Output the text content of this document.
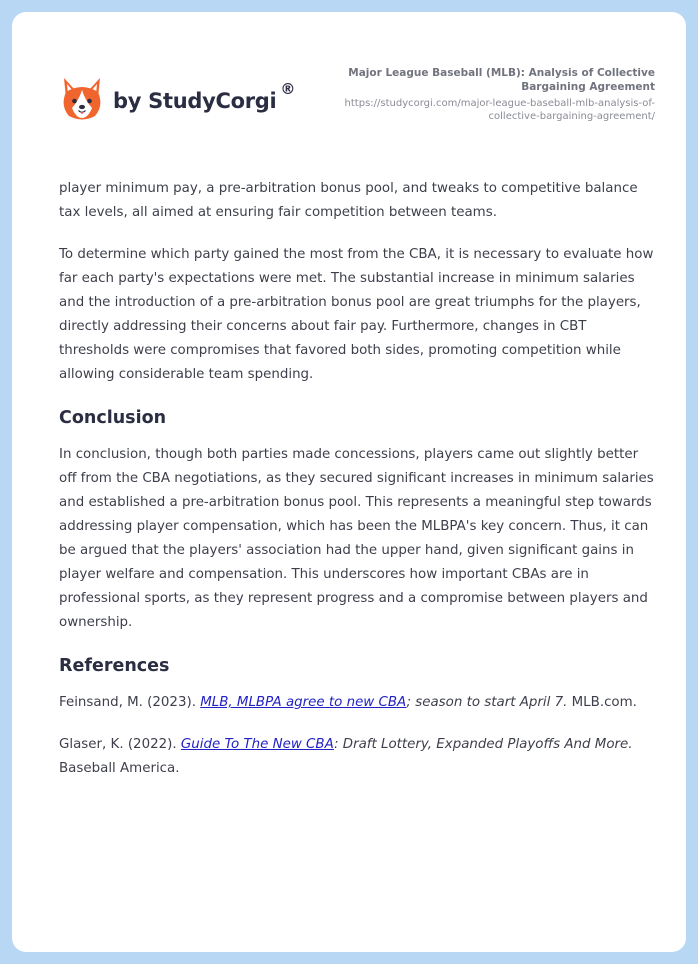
by StudyCorgi ®
Major League Baseball (MLB): Analysis of Collective Bargaining Agreement
https://studycorgi.com/major-league-baseball-mlb-analysis-of-collective-bargaining-agreement/

player minimum pay, a pre-arbitration bonus pool, and tweaks to competitive balance tax levels, all aimed at ensuring fair competition between teams.

To determine which party gained the most from the CBA, it is necessary to evaluate how far each party's expectations were met. The substantial increase in minimum salaries and the introduction of a pre-arbitration bonus pool are great triumphs for the players, directly addressing their concerns about fair pay. Furthermore, changes in CBT thresholds were compromises that favored both sides, promoting competition while allowing considerable team spending.

Conclusion

In conclusion, though both parties made concessions, players came out slightly better off from the CBA negotiations, as they secured significant increases in minimum salaries and established a pre-arbitration bonus pool. This represents a meaningful step towards addressing player compensation, which has been the MLBPA's key concern. Thus, it can be argued that the players' association had the upper hand, given significant gains in player welfare and compensation. This underscores how important CBAs are in professional sports, as they represent progress and a compromise between players and ownership.

References
Feinsand, M. (2023). MLB, MLBPA agree to new CBA; season to start April 7. MLB.com.
Glaser, K. (2022). Guide To The New CBA: Draft Lottery, Expanded Playoffs And More. Baseball America.
